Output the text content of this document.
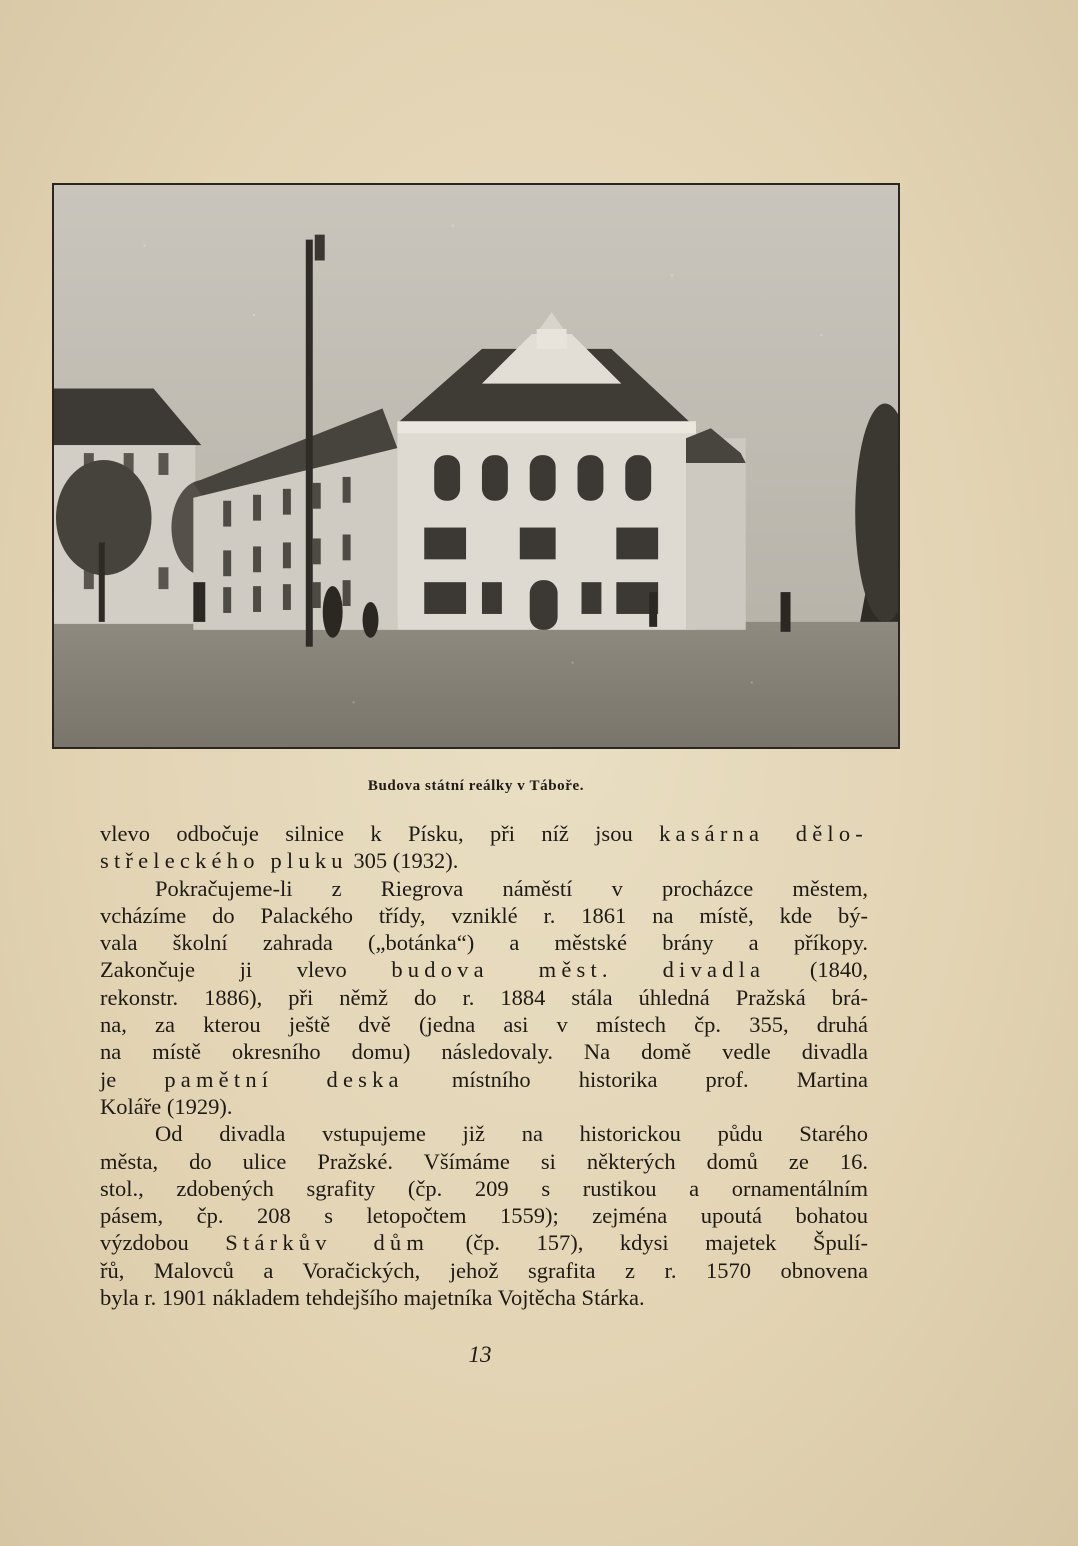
Budova státní reálky v Táboře.
vlevo odbočuje silnice k Písku, při níž jsou kasárna dělo-
střeleckého pluku 305 (1932).
Pokračujeme-li z Riegrova náměstí v procházce městem,
vcházíme do Palackého třídy, vzniklé r. 1861 na místě, kde bý-
vala školní zahrada („botánka“) a městské brány a příkopy.
Zakončuje ji vlevo budova měst. divadla (1840,
rekonstr. 1886), při němž do r. 1884 stála úhledná Pražská brá-
na, za kterou ještě dvě (jedna asi v místech čp. 355, druhá
na místě okresního domu) následovaly. Na domě vedle divadla
je pamětní deska místního historika prof. Martina
Koláře (1929).
Od divadla vstupujeme již na historickou půdu Starého
města, do ulice Pražské. Všímáme si některých domů ze 16.
stol., zdobených sgrafity (čp. 209 s rustikou a ornamentálním
pásem, čp. 208 s letopočtem 1559); zejména upoutá bohatou
výzdobou Stárkův dům (čp. 157), kdysi majetek Špulí-
řů, Malovců a Voračických, jehož sgrafita z r. 1570 obnovena
byla r. 1901 nákladem tehdejšího majetníka Vojtěcha Stárka.
13
